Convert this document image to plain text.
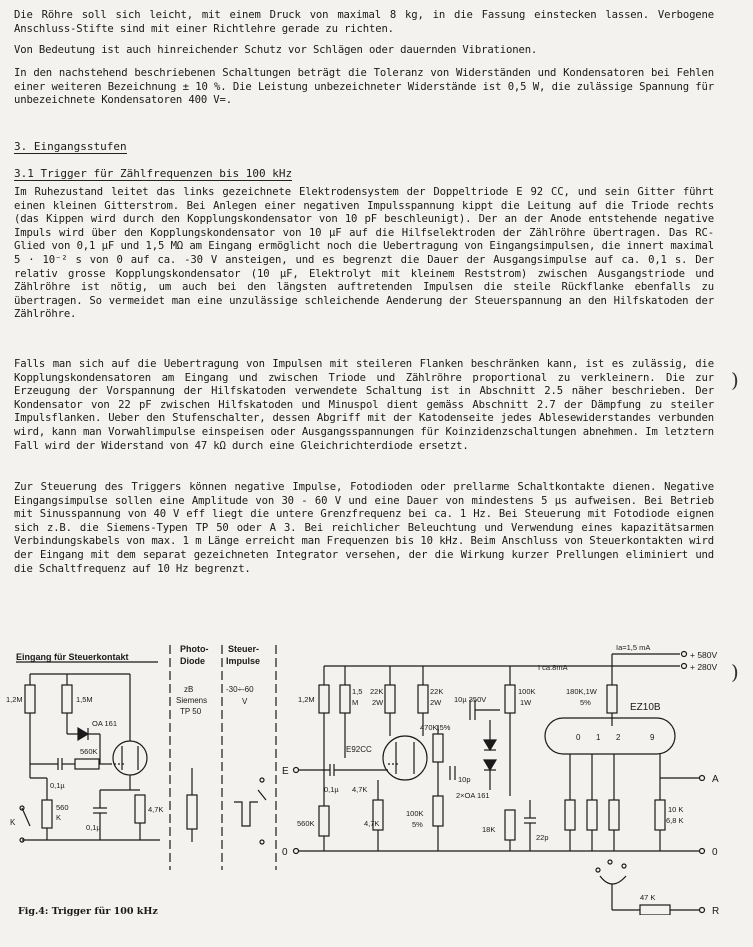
Die Röhre soll sich leicht, mit einem Druck von maximal 8 kg, in die Fassung einstecken lassen. Verbogene Anschluss-Stifte sind mit einer Richtlehre gerade zu richten.
Von Bedeutung ist auch hinreichender Schutz vor Schlägen oder dauernden Vibrationen.
In den nachstehend beschriebenen Schaltungen beträgt die Toleranz von Widerständen und Kondensatoren bei Fehlen einer weiteren Bezeichnung ± 10 %. Die Leistung unbezeichneter Widerstände ist 0,5 W, die zulässige Spannung für unbezeichnete Kondensatoren 400 V=.
3. Eingangsstufen
3.1 Trigger für Zählfrequenzen bis 100 kHz
Im Ruhezustand leitet das links gezeichnete Elektrodensystem der Doppeltriode E 92 CC, und sein Gitter führt einen kleinen Gitterstrom. Bei Anlegen einer negativen Impulsspannung kippt die Leitung auf die Triode rechts (das Kippen wird durch den Kopplungskondensator von 10 pF beschleunigt). Der an der Anode entstehende negative Impuls wird über den Kopplungskondensator von 10 µF auf die Hilfselektroden der Zählröhre übertragen. Das RC-Glied von 0,1 µF und 1,5 MΩ am Eingang ermöglicht noch die Uebertragung von Eingangsimpulsen, die innert maximal 5 · 10⁻² s von 0 auf ca. -30 V ansteigen, und es begrenzt die Dauer der Ausgangsimpulse auf ca. 0,1 s. Der relativ grosse Kopplungskondensator (10 µF, Elektrolyt mit kleinem Reststrom) zwischen Ausgangstriode und Zählröhre ist nötig, um auch bei den längsten auftretenden Impulsen die steile Rückflanke ebenfalls zu übertragen. So vermeidet man eine unzulässige schleichende Aenderung der Steuerspannung an den Hilfskatoden der Zählröhre.
Falls man sich auf die Uebertragung von Impulsen mit steileren Flanken beschränken kann, ist es zulässig, die Kopplungskondensatoren am Eingang und zwischen Triode und Zählröhre proportional zu verkleinern. Die zur Erzeugung der Vorspannung der Hilfskatoden verwendete Schaltung ist in Abschnitt 2.5 näher beschrieben. Der Kondensator von 22 pF zwischen Hilfskatoden und Minuspol dient gemäss Abschnitt 2.7 der Dämpfung zu steiler Impulsflanken. Ueber den Stufenschalter, dessen Abgriff mit der Katodenseite jedes Ablesewiderstandes verbunden wird, kann man Vorwahlimpulse einspeisen oder Ausgangsspannungen für Koinzidenzschaltungen abnehmen. Im letztern Fall wird der Widerstand von 47 kΩ durch eine Gleichrichterdiode ersetzt.
Zur Steuerung des Triggers können negative Impulse, Fotodioden oder prellarme Schaltkontakte dienen. Negative Eingangsimpulse sollen eine Amplitude von 30 - 60 V und eine Dauer von mindestens 5 µs aufweisen. Bei Betrieb mit Sinusspannung von 40 V eff liegt die untere Grenzfrequenz bei ca. 1 Hz. Bei Steuerung mit Fotodiode eignen sich z.B. die Siemens-Typen TP 50 oder A 3. Bei reichlicher Beleuchtung und Verwendung eines kapazitätsarmen Verbindungskabels von max. 1 m Länge erreicht man Frequenzen bis 10 kHz. Beim Anschluss von Steuerkontakten wird der Eingang mit dem separat gezeichneten Integrator versehen, der die Wirkung kurzer Prellungen eliminiert und die Schaltfrequenz auf 10 Hz begrenzt.
)
)
Eingang für Steuerkontakt
Photo-
Diode
Steuer-
Impulse
zB
Siemens
TP 50
-30÷-60
V
1,2M	1,5M
OA 161
0,1µ
560K
560
K
0,1µ
4,7K
K
E
0
1,2M
560K
0,1µ
1,5
M
E92CC
4,7K
4,7K
22K
2W
22K
2W
470K,5%
100K
5%
10p
10µ 350V
100K
1W
2×OA 161
18K
22p
I ca.8mA
Ia=1,5 mA
+ 580V
+ 280V
180K,1W
5%	EZ10B
0 1 2	9
10 K
6,8 K
A
0
R
47 K
Fig.4: Trigger für 100 kHz
